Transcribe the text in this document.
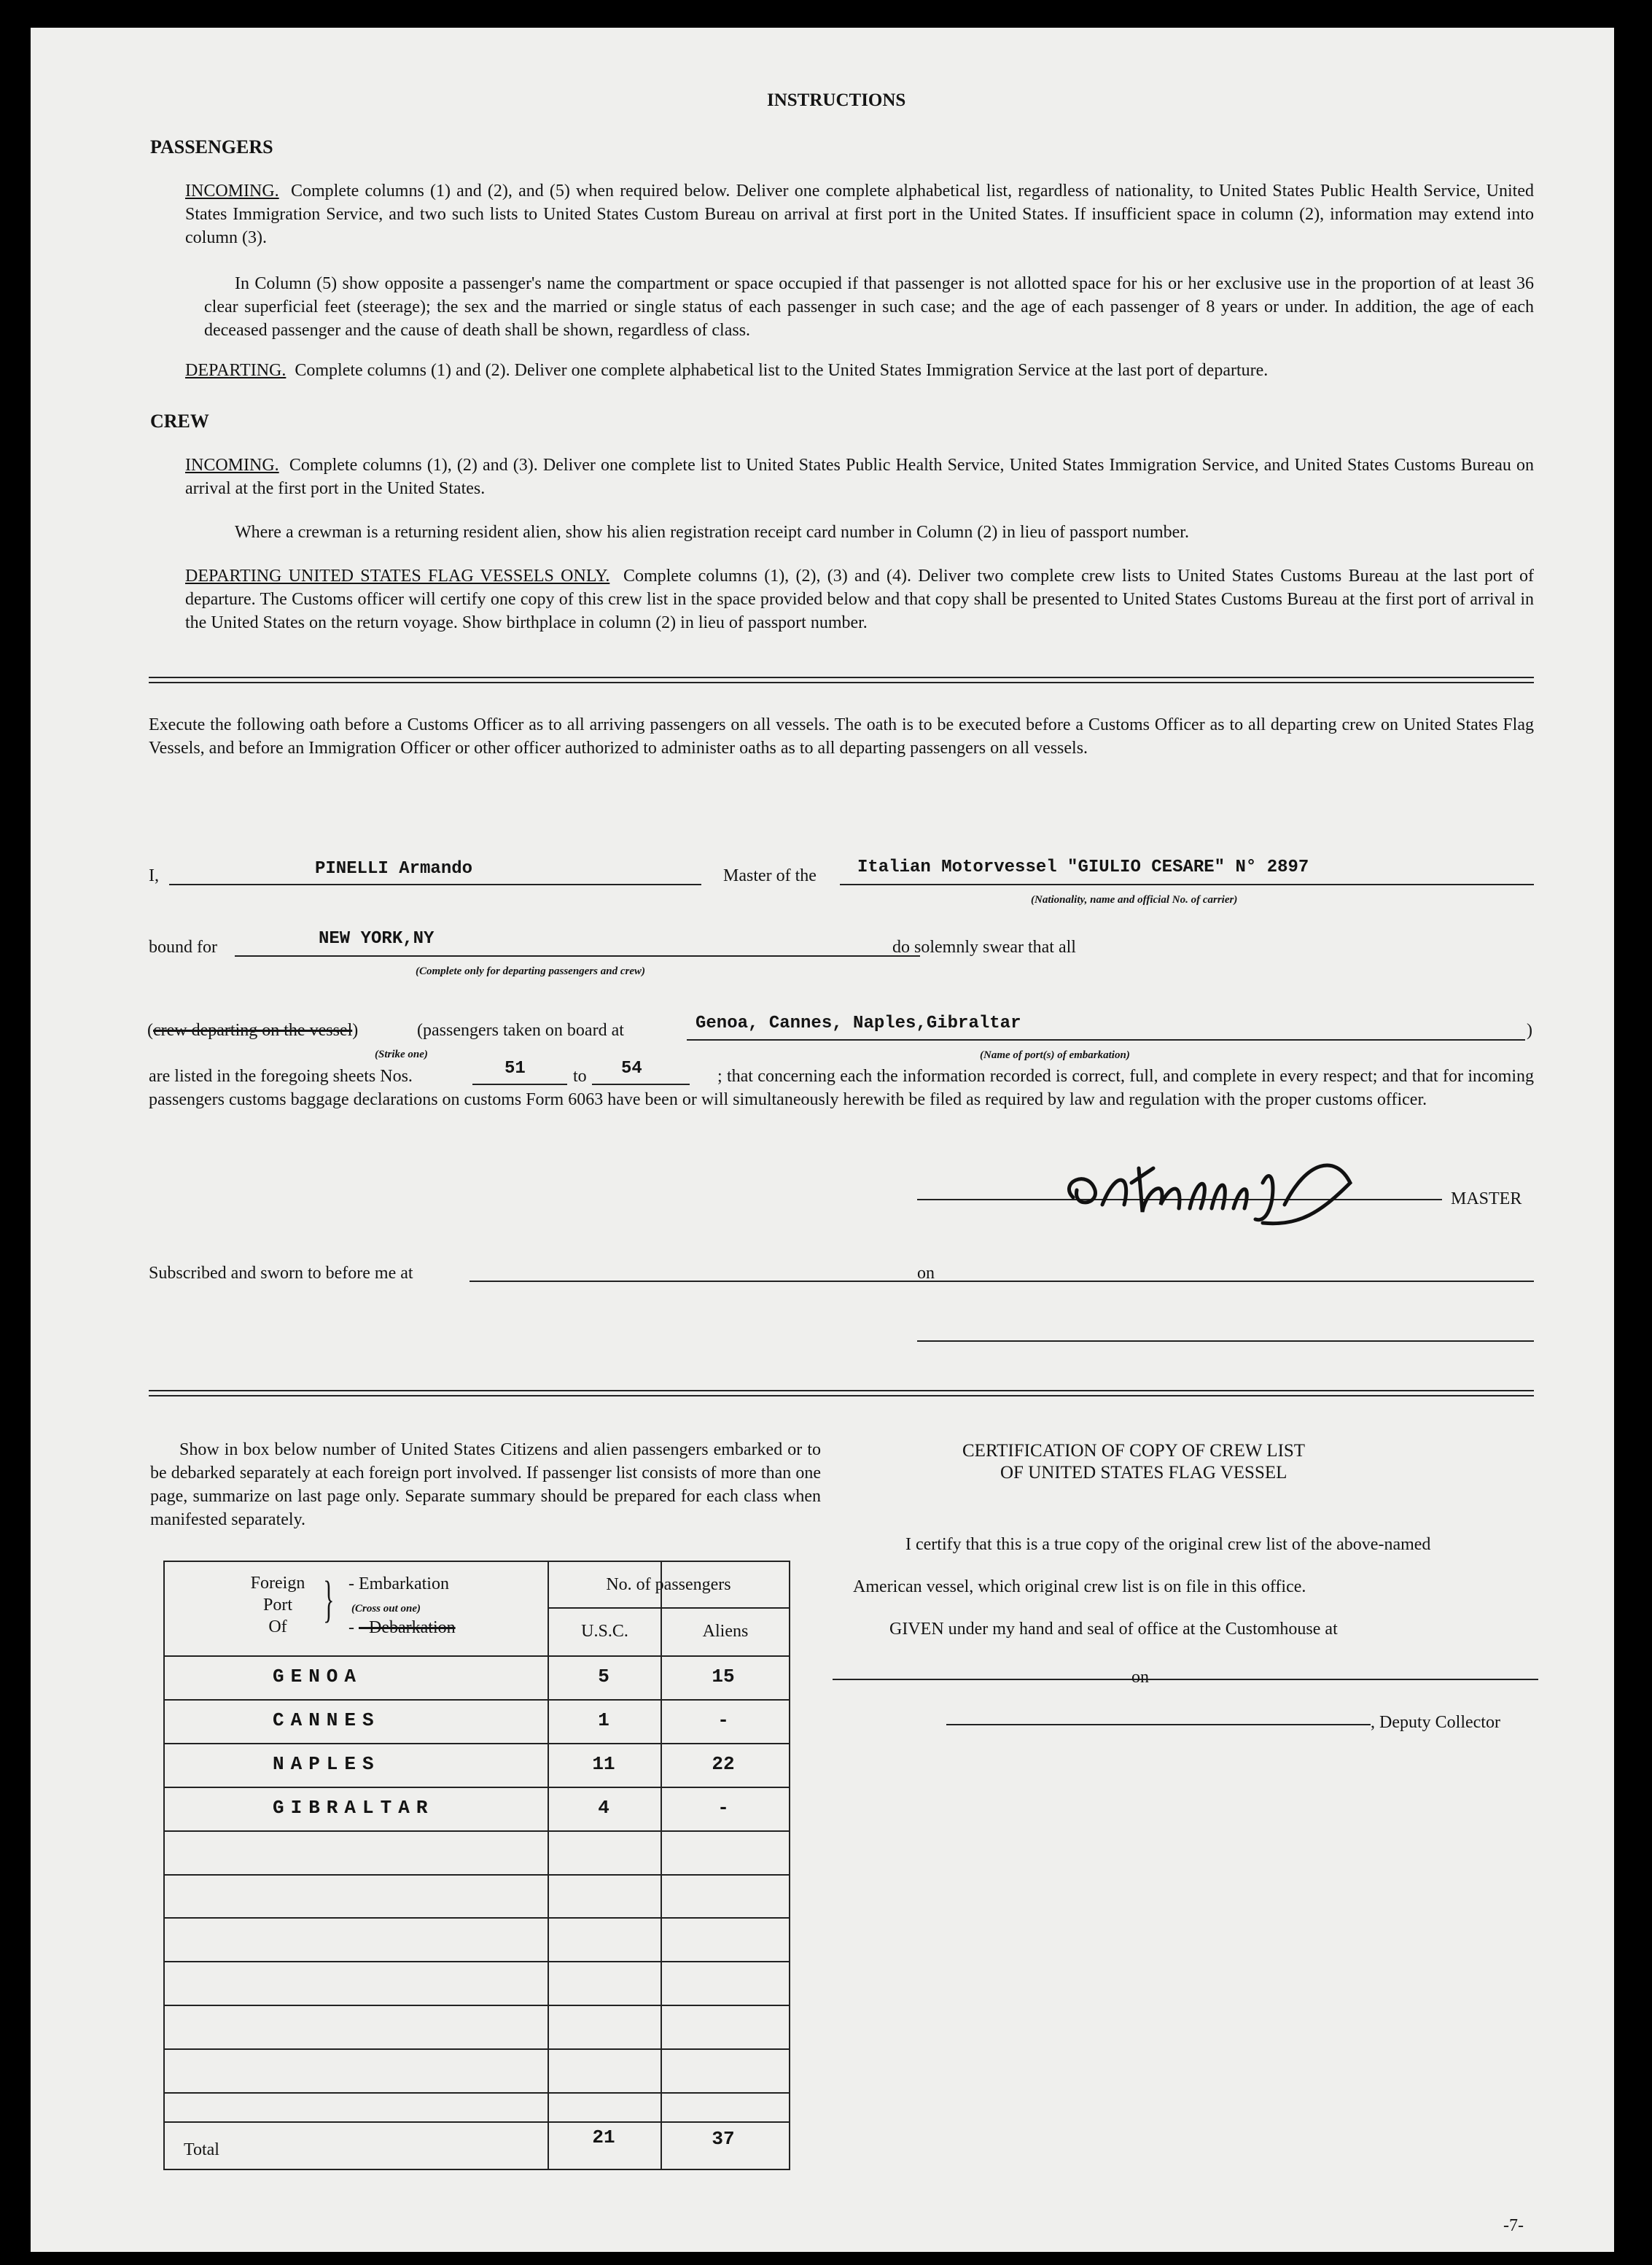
INSTRUCTIONS
PASSENGERS

INCOMING. Complete columns (1) and (2), and (5) when required below. Deliver one complete alphabetical list, regardless of nationality, to United States Public Health Service, United States Immigration Service, and two such lists to United States Custom Bureau on arrival at first port in the United States. If insufficient space in column (2), information may extend into column (3).

In Column (5) show opposite a passenger's name the compartment or space occupied if that passenger is not allotted space for his or her exclusive use in the proportion of at least 36 clear superficial feet (steerage); the sex and the married or single status of each passenger in such case; and the age of each passenger of 8 years or under. In addition, the age of each deceased passenger and the cause of death shall be shown, regardless of class.

DEPARTING. Complete columns (1) and (2). Deliver one complete alphabetical list to the United States Immigration Service at the last port of departure.

CREW

INCOMING. Complete columns (1), (2) and (3). Deliver one complete list to United States Public Health Service, United States Immigration Service, and United States Customs Bureau on arrival at the first port in the United States.

Where a crewman is a returning resident alien, show his alien registration receipt card number in Column (2) in lieu of passport number.

DEPARTING UNITED STATES FLAG VESSELS ONLY. Complete columns (1), (2), (3) and (4). Deliver two complete crew lists to United States Customs Bureau at the last port of departure. The Customs officer will certify one copy of this crew list in the space provided below and that copy shall be presented to United States Customs Bureau at the first port of arrival in the United States on the return voyage. Show birthplace in column (2) in lieu of passport number.

Execute the following oath before a Customs Officer as to all arriving passengers on all vessels. The oath is to be executed before a Customs Officer as to all departing crew on United States Flag Vessels, and before an Immigration Officer or other officer authorized to administer oaths as to all departing passengers on all vessels.

I,	PINELLI Armando	Master of the Italian Motorvessel "GIULIO CESARE" N° 2897
(Nationality, name and official No. of carrier)
bound for	NEW YORK,NY
(Complete only for departing passengers and crew)
do solemnly swear that all
(crew departing on the vessel)
(Strike one)
(passengers taken on board at	Genoa, Cannes, Naples,Gibraltar
(Name of port(s) of embarkation)
)
are listed in the foregoing sheets Nos.	51	to 54	; that concerning each the information recorded is correct, full, and complete in every respect; and that for incoming passengers customs baggage declarations on customs Form 6063 have been or will simultaneously herewith be filed as required by law and regulation with the proper customs officer.

MASTER
Subscribed and sworn to before me at	on

Show in box below number of United States Citizens and alien passengers embarked or to be debarked separately at each foreign port involved. If passenger list consists of more than one page, summarize on last page only. Separate summary should be prepared for each class when manifested separately.

Foreign
Port
Of } - Embarkation
(Cross out one)
- - Debarkation
No. of passengers
U.S.C.	Aliens
GENOA	5	15
CANNES	1	-
NAPLES	11	22
GIBRALTAR	4	-
Total
21	37
CERTIFICATION OF COPY OF CREW LIST
OF UNITED STATES FLAG VESSEL
I certify that this is a true copy of the original crew list of the above-named
American vessel, which original crew list is on file in this office.
GIVEN under my hand and seal of office at the Customhouse at
on
, Deputy Collector
-7-
